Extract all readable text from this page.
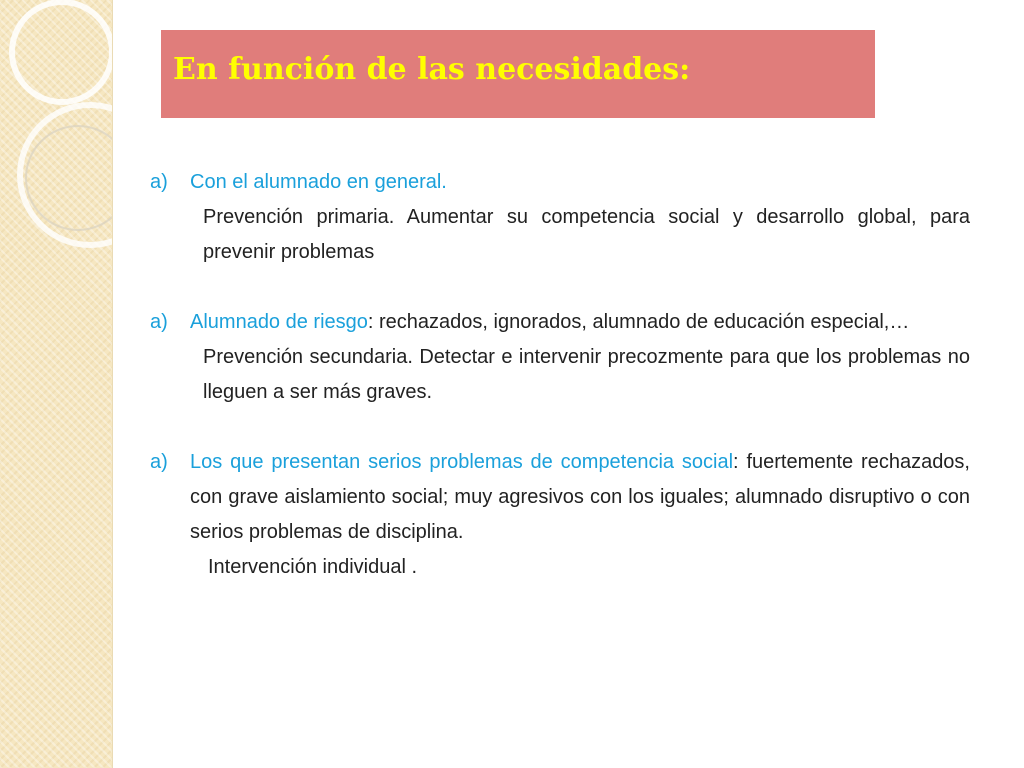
En función de las necesidades:
a) Con el alumnado en general.
Prevención primaria. Aumentar su competencia social y desarrollo global, para prevenir problemas
a) Alumnado de riesgo: rechazados, ignorados, alumnado de educación especial,…
Prevención secundaria. Detectar e intervenir precozmente para que los problemas no lleguen a ser más graves.
a) Los que presentan serios problemas de competencia social: fuertemente rechazados, con grave aislamiento social; muy agresivos con los iguales; alumnado disruptivo o con serios problemas de disciplina.
Intervención individual .
